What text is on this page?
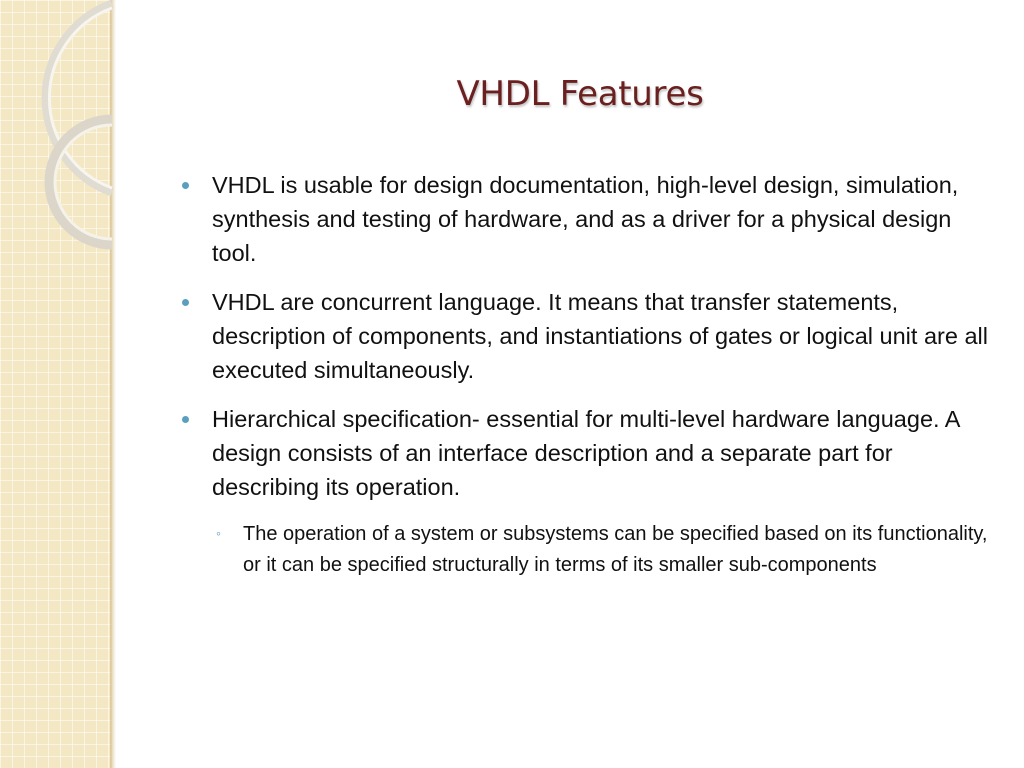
VHDL Features
VHDL is usable for design documentation, high-level design, simulation, synthesis and testing of hardware, and as a driver for a physical design tool.
VHDL are concurrent language. It means that transfer statements, description of components, and instantiations of gates or logical unit are all executed simultaneously.
Hierarchical specification- essential for multi-level hardware language. A design consists of an interface description and a separate part for describing its operation.
◦ The operation of a system or subsystems can be specified based on its functionality, or it can be specified structurally in terms of its smaller sub-components
